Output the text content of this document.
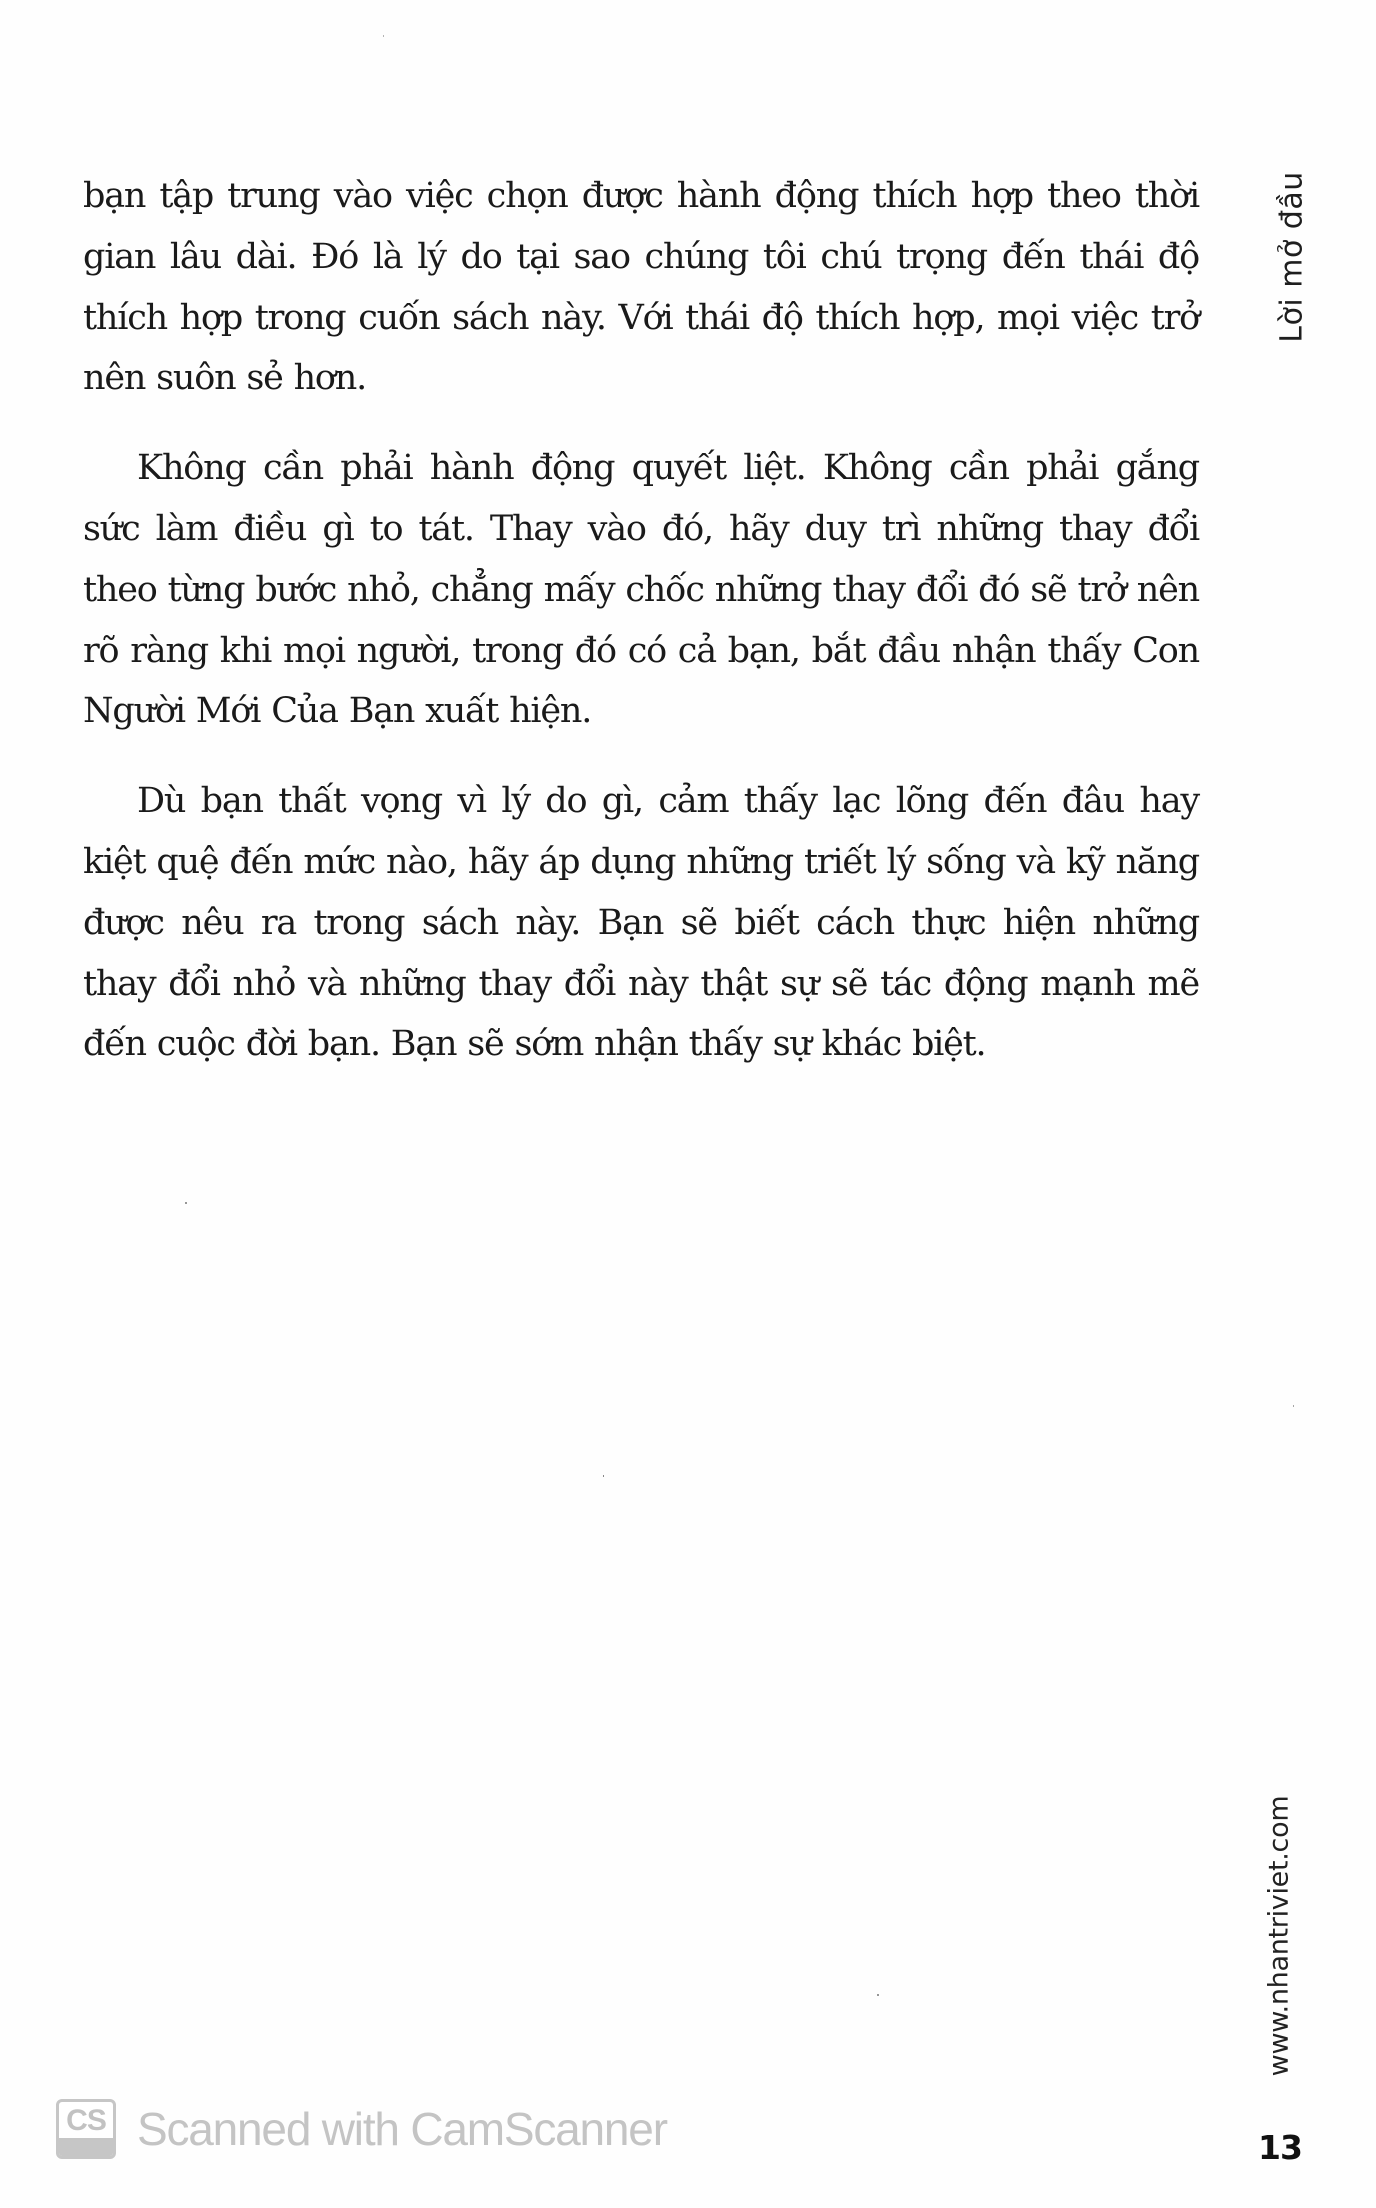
bạn tập trung vào việc chọn được hành động thích hợp theo thời gian lâu dài. Đó là lý do tại sao chúng tôi chú trọng đến thái độ thích hợp trong cuốn sách này. Với thái độ thích hợp, mọi việc trở nên suôn sẻ hơn.

Không cần phải hành động quyết liệt. Không cần phải gắng sức làm điều gì to tát. Thay vào đó, hãy duy trì những thay đổi theo từng bước nhỏ, chẳng mấy chốc những thay đổi đó sẽ trở nên rõ ràng khi mọi người, trong đó có cả bạn, bắt đầu nhận thấy Con Người Mới Của Bạn xuất hiện.

Dù bạn thất vọng vì lý do gì, cảm thấy lạc lõng đến đâu hay kiệt quệ đến mức nào, hãy áp dụng những triết lý sống và kỹ năng được nêu ra trong sách này. Bạn sẽ biết cách thực hiện những thay đổi nhỏ và những thay đổi này thật sự sẽ tác động mạnh mẽ đến cuộc đời bạn. Bạn sẽ sớm nhận thấy sự khác biệt.

Lời mở đầu
www.nhantriviet.com
13
CS Scanned with CamScanner
